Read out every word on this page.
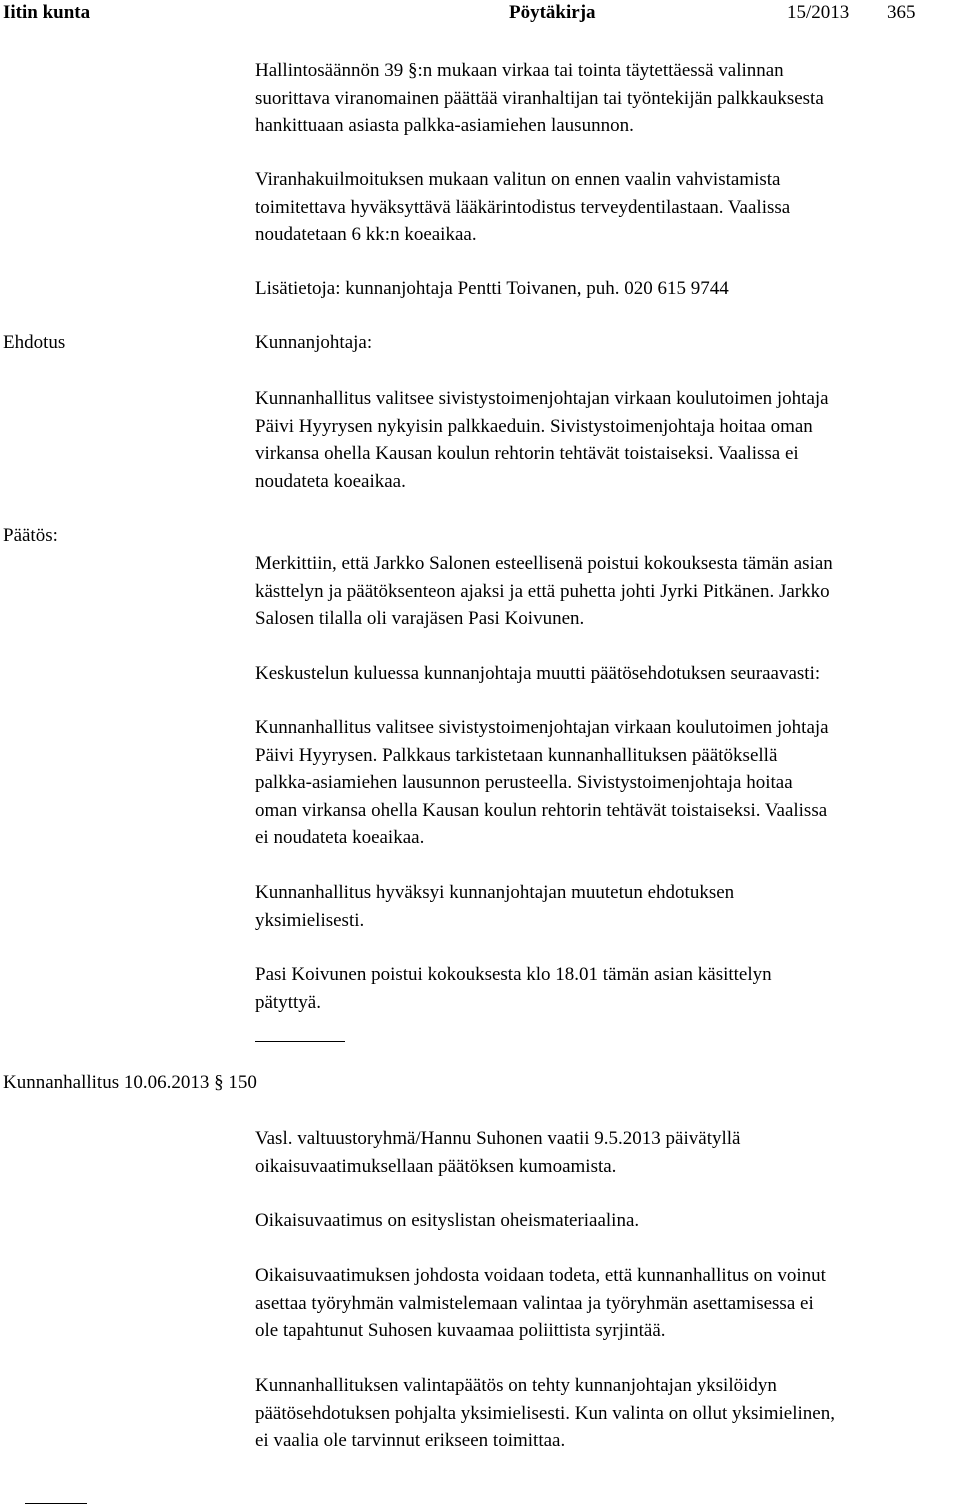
Iitin kunta	Pöytäkirja	15/2013 365
Ehdotus
Päätös:
Kunnanhallitus 10.06.2013 § 150
Hallintosäännön 39 §:n mukaan virkaa tai tointa täytettäessä valinnan
suorittava viranomainen päättää viranhaltijan tai työntekijän palkkauksesta
hankittuaan asiasta palkka-asiamiehen lausunnon.
Viranhakuilmoituksen mukaan valitun on ennen vaalin vahvistamista
toimitettava hyväksyttävä lääkärintodistus terveydentilastaan. Vaalissa
noudatetaan 6 kk:n koeaikaa.
Lisätietoja: kunnanjohtaja Pentti Toivanen, puh. 020 615 9744
Kunnanjohtaja:
Kunnanhallitus valitsee sivistystoimenjohtajan virkaan koulutoimen johtaja
Päivi Hyyrysen nykyisin palkkaeduin. Sivistystoimenjohtaja hoitaa oman
virkansa ohella Kausan koulun rehtorin tehtävät toistaiseksi. Vaalissa ei
noudateta koeaikaa.
Merkittiin, että Jarkko Salonen esteellisenä poistui kokouksesta tämän asian
kästtelyn ja päätöksenteon ajaksi ja että puhetta johti Jyrki Pitkänen. Jarkko
Salosen tilalla oli varajäsen Pasi Koivunen.
Keskustelun kuluessa kunnanjohtaja muutti päätösehdotuksen seuraavasti:
Kunnanhallitus valitsee sivistystoimenjohtajan virkaan koulutoimen johtaja
Päivi Hyyrysen. Palkkaus tarkistetaan kunnanhallituksen päätöksellä
palkka-asiamiehen lausunnon perusteella. Sivistystoimenjohtaja hoitaa
oman virkansa ohella Kausan koulun rehtorin tehtävät toistaiseksi. Vaalissa
ei noudateta koeaikaa.
Kunnanhallitus hyväksyi kunnanjohtajan muutetun ehdotuksen
yksimielisesti.
Pasi Koivunen poistui kokouksesta klo 18.01 tämän asian käsittelyn
pätyttyä.
Vasl. valtuustoryhmä/Hannu Suhonen vaatii 9.5.2013 päivätyllä
oikaisuvaatimuksellaan päätöksen kumoamista.
Oikaisuvaatimus on esityslistan oheismateriaalina.
Oikaisuvaatimuksen johdosta voidaan todeta, että kunnanhallitus on voinut
asettaa työryhmän valmistelemaan valintaa ja työryhmän asettamisessa ei
ole tapahtunut Suhosen kuvaamaa poliittista syrjintää.
Kunnanhallituksen valintapäätös on tehty kunnanjohtajan yksilöidyn
päätösehdotuksen pohjalta yksimielisesti. Kun valinta on ollut yksimielinen,
ei vaalia ole tarvinnut erikseen toimittaa.
